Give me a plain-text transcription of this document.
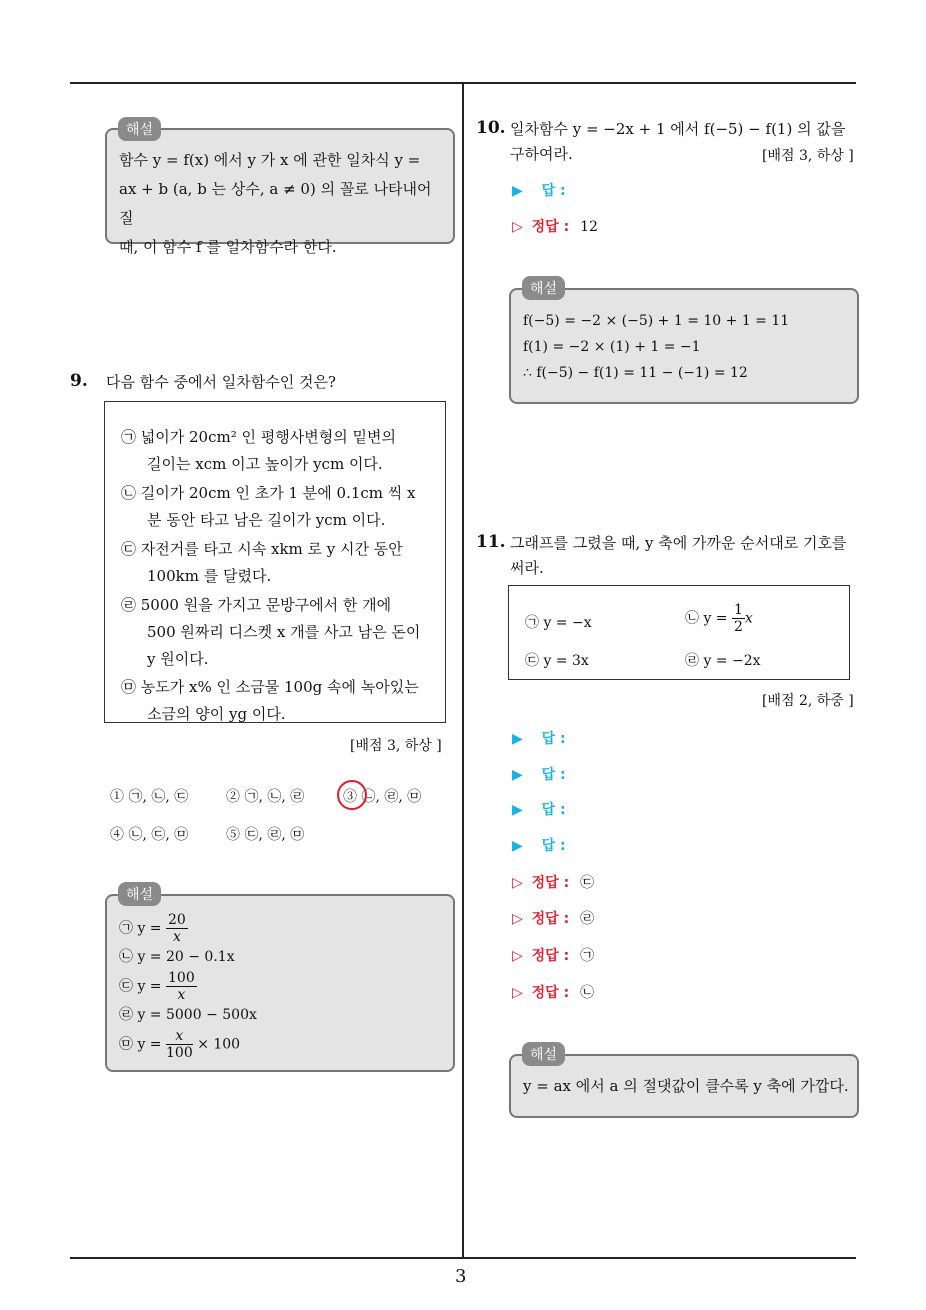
3
함수 y = f(x) 에서 y 가 x 에 관한 일차식 y =
ax + b (a, b 는 상수, a ≠ 0) 의 꼴로 나타내어질
때, 이 함수 f 를 일차함수라 한다.
해설
9. 다음 함수 중에서 일차함수인 것은?
㉠ 넓이가 20cm² 인 평행사변형의 밑변의
길이는 xcm 이고 높이가 ycm 이다.
㉡ 길이가 20cm 인 초가 1 분에 0.1cm 씩 x
분 동안 타고 남은 길이가 ycm 이다.
㉢ 자전거를 타고 시속 xkm 로 y 시간 동안
100km 를 달렸다.
㉣ 5000 원을 가지고 문방구에서 한 개에
500 원짜리 디스켓 x 개를 사고 남은 돈이
y 원이다.
㉤ 농도가 x% 인 소금물 100g 속에 녹아있는
소금의 양이 yg 이다.
[배점 3, 하상 ]
① ㉠, ㉡, ㉢	② ㉠, ㉡, ㉣	③ ㉡, ㉣, ㉤
④ ㉡, ㉢, ㉤	⑤ ㉢, ㉣, ㉤
㉠ $y = \frac{20}{x}$
㉡ y = 20 − 0.1x
㉢ $y = \frac{100}{x}$
㉣ y = 5000 − 500x
㉤ $y = \frac{x}{100} \times 100$
해설
10. 일차함수 y = −2x + 1 에서 f(−5) − f(1) 의 값을
구하여라.	[배점 3, 하상 ]
▶ 답 :
▷ 정답 : 12
f(−5) = −2 × (−5) + 1 = 10 + 1 = 11
f(1) = −2 × (1) + 1 = −1
∴ f(−5) − f(1) = 11 − (−1) = 12
해설
11. 그래프를 그렸을 때, y 축에 가까운 순서대로 기호를
써라.
㉠ y = −x	㉡ $y = \frac{1}{2}$ x
㉢ y = 3x	㉣ y = −2x
[배점 2, 하중 ]
▶ 답 :
▶ 답 :
▶ 답 :
▶ 답 :
▷ 정답 : ㉢
▷ 정답 : ㉣
▷ 정답 : ㉠
▷ 정답 : ㉡
y = ax 에서 a 의 절댓값이 클수록 y 축에 가깝다.
해설
